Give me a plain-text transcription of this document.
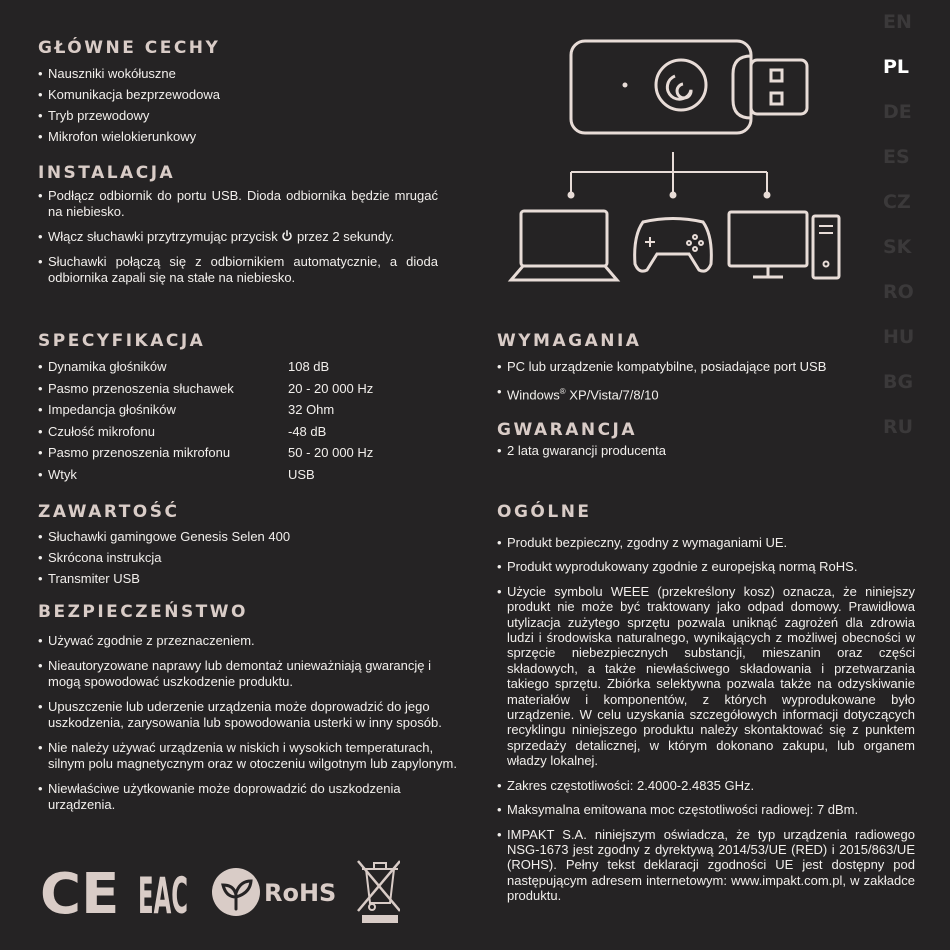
EN
PL
DE
ES
CZ
SK
RO
HU
BG
RU
GŁÓWNE CECHY
• Nauszniki wokółuszne
• Komunikacja bezprzewodowa
• Tryb przewodowy
• Mikrofon wielokierunkowy
INSTALACJA
• Podłącz odbiornik do portu USB. Dioda odbiornika będzie mrugać na niebiesko.
• Włącz słuchawki przytrzymując przycisk przez 2 sekundy.
• Słuchawki połączą się z odbiornikiem automatycznie, a dioda odbiornika zapali się na stałe na niebiesko.
SPECYFIKACJA
• Dynamika głośników	108 dB
• Pasmo przenoszenia słuchawek	20 - 20 000 Hz
• Impedancja głośników	32 Ohm
• Czułość mikrofonu	-48 dB
• Pasmo przenoszenia mikrofonu	50 - 20 000 Hz
• Wtyk	USB
ZAWARTOŚĆ
• Słuchawki gamingowe Genesis Selen 400
• Skrócona instrukcja
• Transmiter USB
BEZPIECZEŃSTWO
• Używać zgodnie z przeznaczeniem.
• Nieautoryzowane naprawy lub demontaż unieważniają gwarancję i mogą spowodować uszkodzenie produktu.
• Upuszczenie lub uderzenie urządzenia może doprowadzić do jego uszkodzenia, zarysowania lub spowodowania usterki w inny sposób.
• Nie należy używać urządzenia w niskich i wysokich temperaturach, silnym polu magnetycznym oraz w otoczeniu wilgotnym lub zapylonym.
• Niewłaściwe użytkowanie może doprowadzić do uszkodzenia urządzenia.
CE EAC	RoHS
WYMAGANIA
• PC lub urządzenie kompatybilne, posiadające port USB
• Windows® XP/Vista/7/8/10
GWARANCJA
• 2 lata gwarancji producenta
OGÓLNE
• Produkt bezpieczny, zgodny z wymaganiami UE.
• Produkt wyprodukowany zgodnie z europejską normą RoHS.
• Użycie symbolu WEEE (przekreślony kosz) oznacza, że niniejszy produkt nie może być traktowany jako odpad domowy. Prawidłowa utylizacja zużytego sprzętu pozwala uniknąć zagrożeń dla zdrowia ludzi i środowiska naturalnego, wynikających z możliwej obecności w sprzęcie niebezpiecznych substancji, mieszanin oraz części składowych, a także niewłaściwego składowania i przetwarzania takiego sprzętu. Zbiórka selektywna pozwala także na odzyskiwanie materiałów i komponentów, z których wyprodukowane było urządzenie. W celu uzyskania szczegółowych informacji dotyczących recyklingu niniejszego produktu należy skontaktować się z punktem sprzedaży detalicznej, w którym dokonano zakupu, lub organem władzy lokalnej.
• Zakres częstotliwości: 2.4000-2.4835 GHz.
• Maksymalna emitowana moc częstotliwości radiowej: 7 dBm.
• IMPAKT S.A. niniejszym oświadcza, że typ urządzenia radiowego NSG-1673 jest zgodny z dyrektywą 2014/53/UE (RED) i 2015/863/UE (ROHS). Pełny tekst deklaracji zgodności UE jest dostępny pod następującym adresem internetowym: www.impakt.com.pl, w zakładce produktu.
